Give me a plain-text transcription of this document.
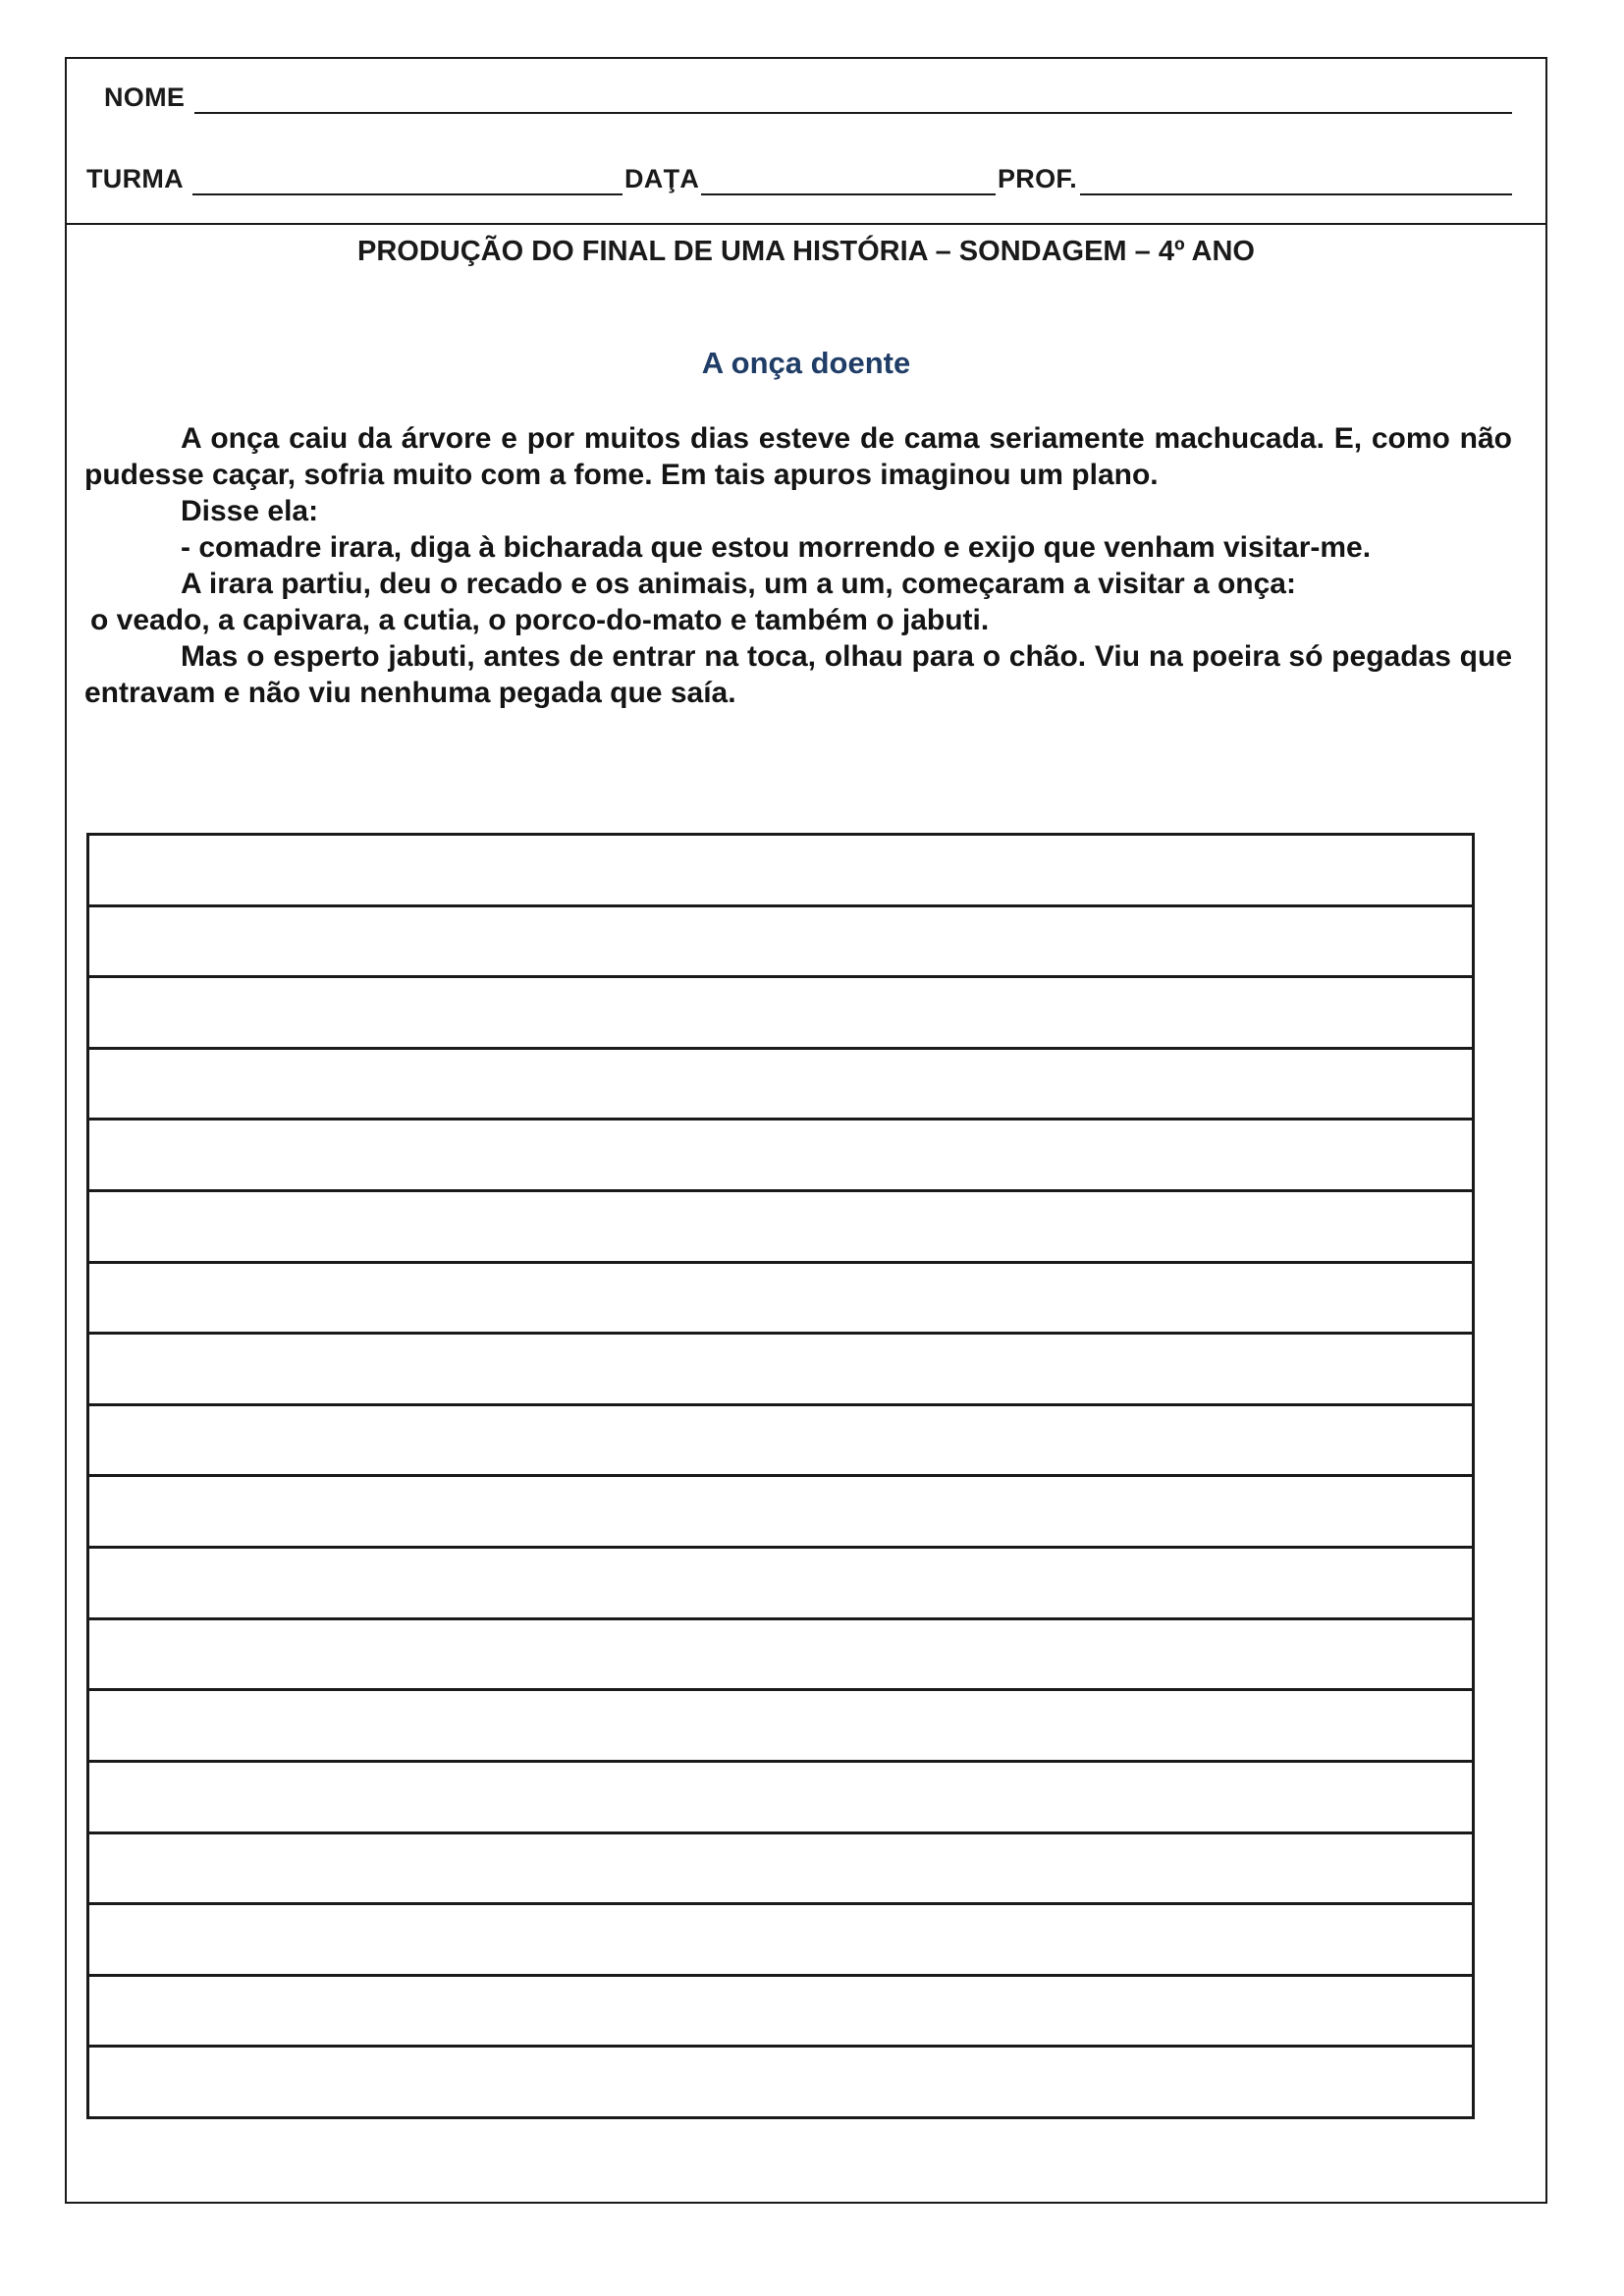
NOME
TURMA	DAŢA	PROF.
PRODUÇÃO DO FINAL DE UMA HISTÓRIA – SONDAGEM – 4º ANO
A onça doente

A onça caiu da árvore e por muitos dias esteve de cama seriamente machucada. E, como não pudesse caçar, sofria muito com a fome. Em tais apuros imaginou um plano.

Disse ela:

- comadre irara, diga à bicharada que estou morrendo e exijo que venham visitar-me.

A irara partiu, deu o recado e os animais, um a um, começaram a visitar a onça:

o veado, a capivara, a cutia, o porco-do-mato e também o jabuti.

Mas o esperto jabuti, antes de entrar na toca, olhau para o chão. Viu na poeira só pegadas que entravam e não viu nenhuma pegada que saía.
